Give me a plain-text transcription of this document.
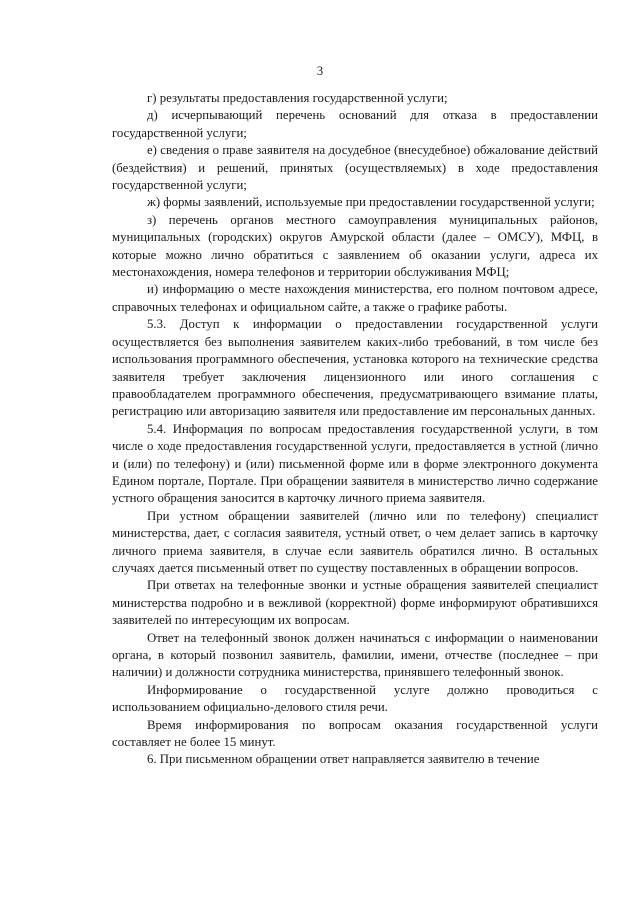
3

г) результаты предоставления государственной услуги;

д) исчерпывающий перечень оснований для отказа в предоставлении государственной услуги;

е) сведения о праве заявителя на досудебное (внесудебное) обжалование действий (бездействия) и решений, принятых (осуществляемых) в ходе предоставления государственной услуги;

ж) формы заявлений, используемые при предоставлении государственной услуги;

з) перечень органов местного самоуправления муниципальных районов, муниципальных (городских) округов Амурской области (далее – ОМСУ), МФЦ, в которые можно лично обратиться с заявлением об оказании услуги, адреса их местонахождения, номера телефонов и территории обслуживания МФЦ;

и) информацию о месте нахождения министерства, его полном почтовом адресе, справочных телефонах и официальном сайте, а также о графике работы.

5.3. Доступ к информации о предоставлении государственной услуги осуществляется без выполнения заявителем каких-либо требований, в том числе без использования программного обеспечения, установка которого на технические средства заявителя требует заключения лицензионного или иного соглашения с правообладателем программного обеспечения, предусматривающего взимание платы, регистрацию или авторизацию заявителя или предоставление им персональных данных.

5.4. Информация по вопросам предоставления государственной услуги, в том числе о ходе предоставления государственной услуги, предоставляется в устной (лично и (или) по телефону) и (или) письменной форме или в форме электронного документа Едином портале, Портале. При обращении заявителя в министерство лично содержание устного обращения заносится в карточку личного приема заявителя.

При устном обращении заявителей (лично или по телефону) специалист министерства, дает, с согласия заявителя, устный ответ, о чем делает запись в карточку личного приема заявителя, в случае если заявитель обратился лично. В остальных случаях дается письменный ответ по существу поставленных в обращении вопросов.

При ответах на телефонные звонки и устные обращения заявителей специалист министерства подробно и в вежливой (корректной) форме информируют обратившихся заявителей по интересующим их вопросам.

Ответ на телефонный звонок должен начинаться с информации о наименовании органа, в который позвонил заявитель, фамилии, имени, отчестве (последнее – при наличии) и должности сотрудника министерства, принявшего телефонный звонок.

Информирование о государственной услуге должно проводиться с использованием официально-делового стиля речи.

Время информирования по вопросам оказания государственной услуги составляет не более 15 минут.

6. При письменном обращении ответ направляется заявителю в течение
